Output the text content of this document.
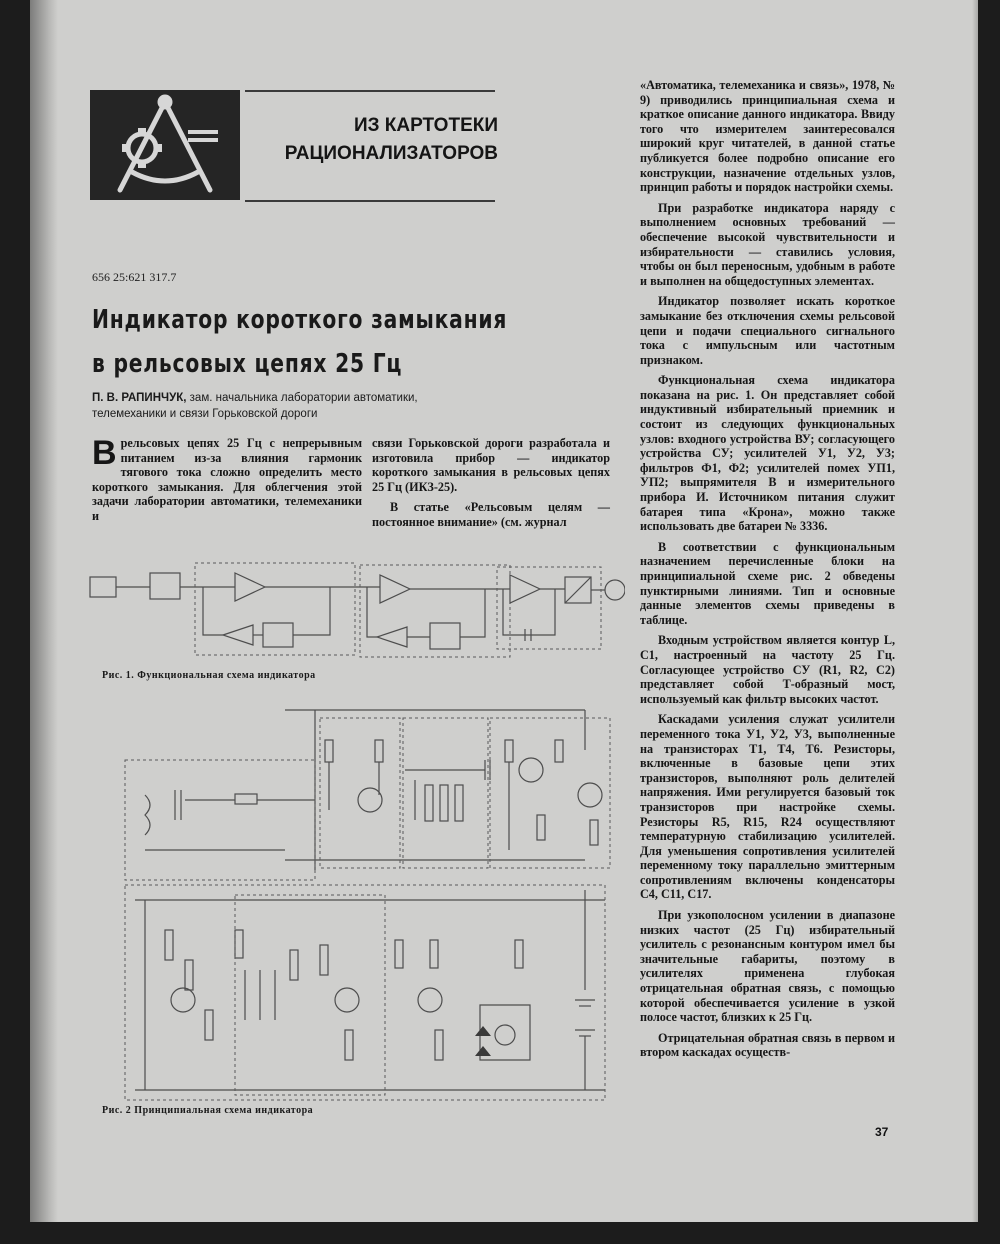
ИЗ КАРТОТЕКИ
РАЦИОНАЛИЗАТОРОВ
656 25:621 317.7
Индикатор короткого замыкания
в рельсовых цепях 25 Гц
П. В. РАПИНЧУК, зам. начальника лаборатории автоматики,
телемеханики и связи Горьковской дороги

Врельсовых цепях 25 Гц с непрерывным питанием из-за влияния гармоник тягового тока сложно определить место короткого замыкания. Для облегчения этой задачи лаборатории автоматики, телемеханики и

связи Горьковской дороги разработала и изготовила прибор — индикатор короткого замыкания в рельсовых цепях 25 Гц (ИКЗ-25).

В статье «Рельсовым целям — постоянное внимание» (см. журнал

Рис. 1. Функциональная схема индикатора
Рис. 2 Принципиальная схема индикатора

«Автоматика, телемеханика и связь», 1978, № 9) приводились принципиальная схема и краткое описание данного индикатора. Ввиду того что измерителем заинтересовался широкий круг читателей, в данной статье публикуется более подробно описание его конструкции, назначение отдельных узлов, принцип работы и порядок настройки схемы.

При разработке индикатора наряду с выполнением основных требований — обеспечение высокой чувствительности и избирательности — ставились условия, чтобы он был переносным, удобным в работе и выполнен на общедоступных элементах.

Индикатор позволяет искать короткое замыкание без отключения схемы рельсовой цепи и подачи специального сигнального тока с импульсным или частотным признаком.

Функциональная схема индикатора показана на рис. 1. Он представляет собой индуктивный избирательный приемник и состоит из следующих функциональных узлов: входного устройства ВУ; согласующего устройства СУ; усилителей У1, У2, У3; фильтров Ф1, Ф2; усилителей помех УП1, УП2; выпрямителя В и измерительного прибора И. Источником питания служит батарея типа «Крона», можно также использовать две батареи № 3336.

В соответствии с функциональным назначением перечисленные блоки на принципиальной схеме рис. 2 обведены пунктирными линиями. Тип и основные данные элементов схемы приведены в таблице.

Входным устройством является контур L, C1, настроенный на частоту 25 Гц. Согласующее устройство СУ (R1, R2, C2) представляет собой Т-образный мост, используемый как фильтр высоких частот.

Каскадами усиления служат усилители переменного тока У1, У2, У3, выполненные на транзисторах Т1, Т4, Т6. Резисторы, включенные в базовые цепи этих транзисторов, выполняют роль делителей напряжения. Ими регулируется базовый ток транзисторов при настройке схемы. Резисторы R5, R15, R24 осуществляют температурную стабилизацию усилителей. Для уменьшения сопротивления усилителей переменному току параллельно эмиттерным сопротивлениям включены конденсаторы С4, С11, С17.

При узкополосном усилении в диапазоне низких частот (25 Гц) избирательный усилитель с резонансным контуром имел бы значительные габариты, поэтому в усилителях применена глубокая отрицательная обратная связь, с помощью которой обеспечивается усиление в узкой полосе частот, близких к 25 Гц.

Отрицательная обратная связь в первом и втором каскадах осуществ-

37
